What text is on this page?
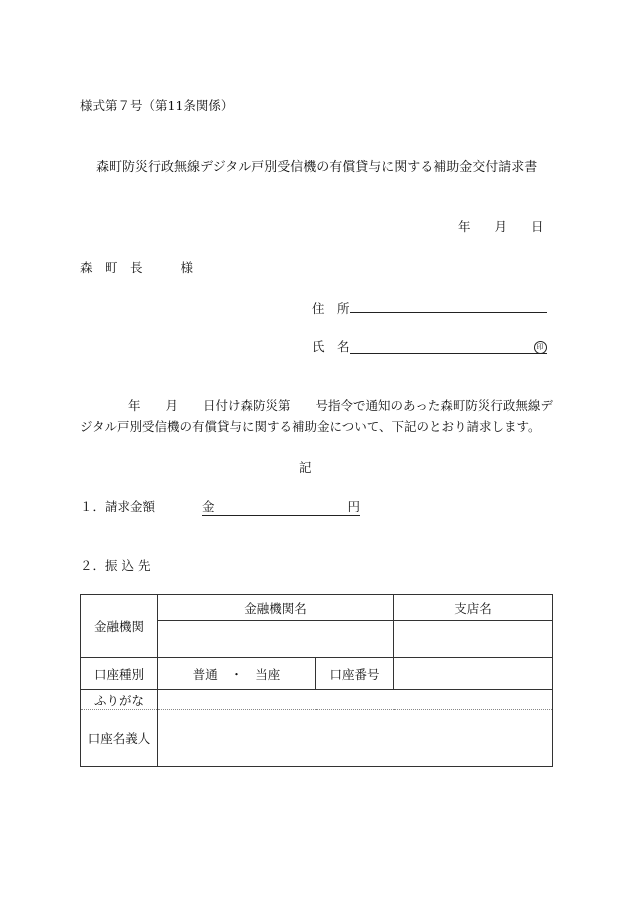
様式第７号（第11条関係）
森町防災行政無線デジタル戸別受信機の有償貸与に関する補助金交付請求書
年 月 日
森　町　長	様
住　所
氏　名	印
年　　月　　日付け森防災第　　号指令で通知のあった森町防災行政無線デ
ジタル戸別受信機の有償貸与に関する補助金について、下記のとおり請求します。
記
１．請求金額	金	円
２．振 込 先
金融機関	金融機関名		支店名

口座種別	普通　・　当座	口座番号	
ふりがな			
口座名義人			
